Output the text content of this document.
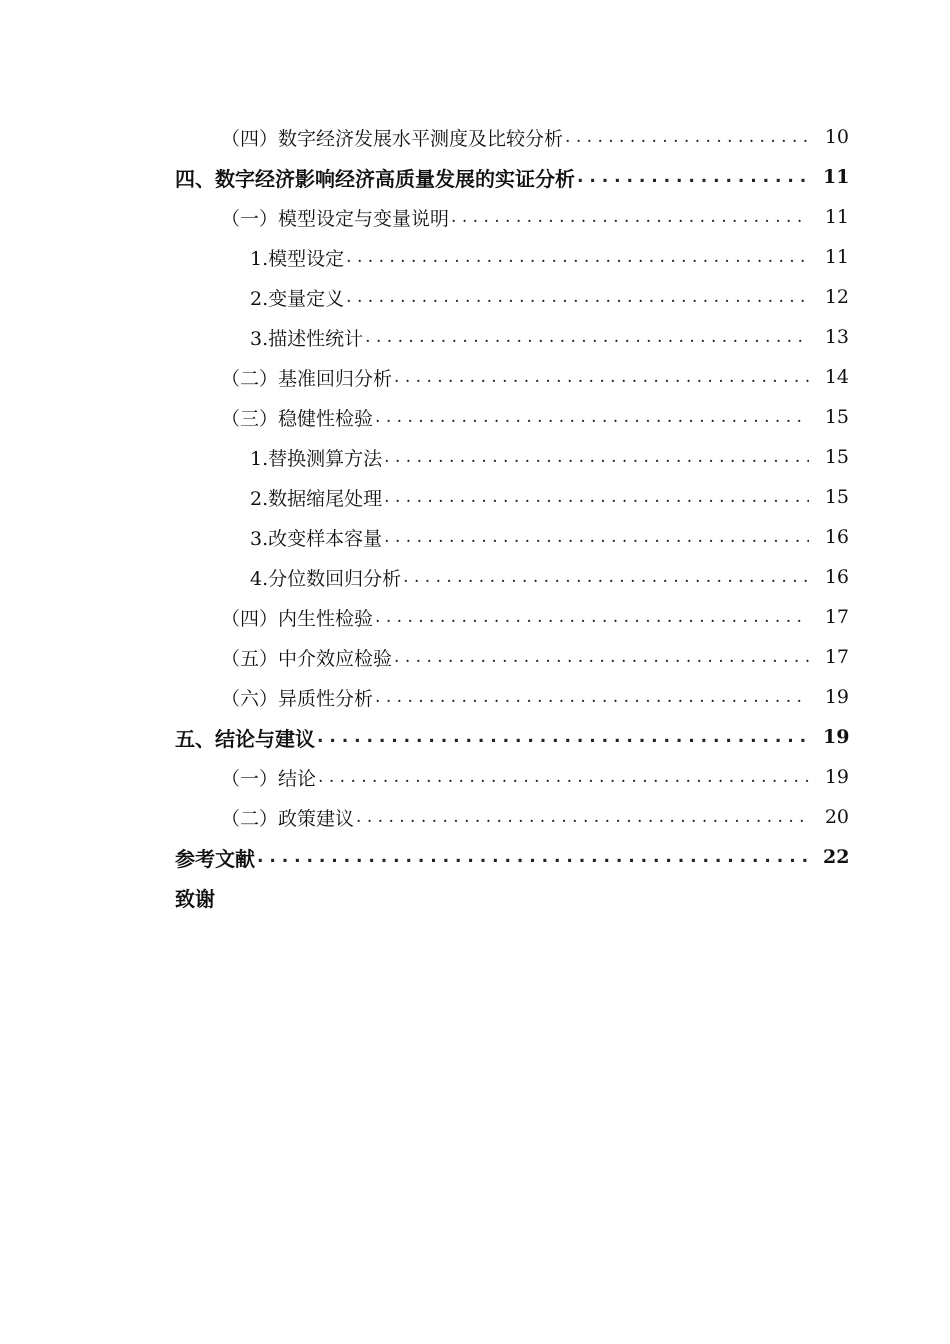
（四）数字经济发展水平测度及比较分析 . . .	10
四、数字经济影响经济高质量发展的实证分析 . . .	11
（一）模型设定与变量说明 . . .	11
1.模型设定 . . .	11
2.变量定义 . . .	12
3.描述性统计 . . .	13
（二）基准回归分析 . . .	14
（三）稳健性检验 . . .	15
1.替换测算方法 . . .	15
2.数据缩尾处理 . . .	15
3.改变样本容量 . . .	16
4.分位数回归分析 . . .	16
（四）内生性检验 . . .	17
（五）中介效应检验 . . .	17
（六）异质性分析 . . .	19
五、结论与建议 . . .	19
（一）结论 . . .	19
（二）政策建议 . . .	20
参考文献 . . .	22
致谢
